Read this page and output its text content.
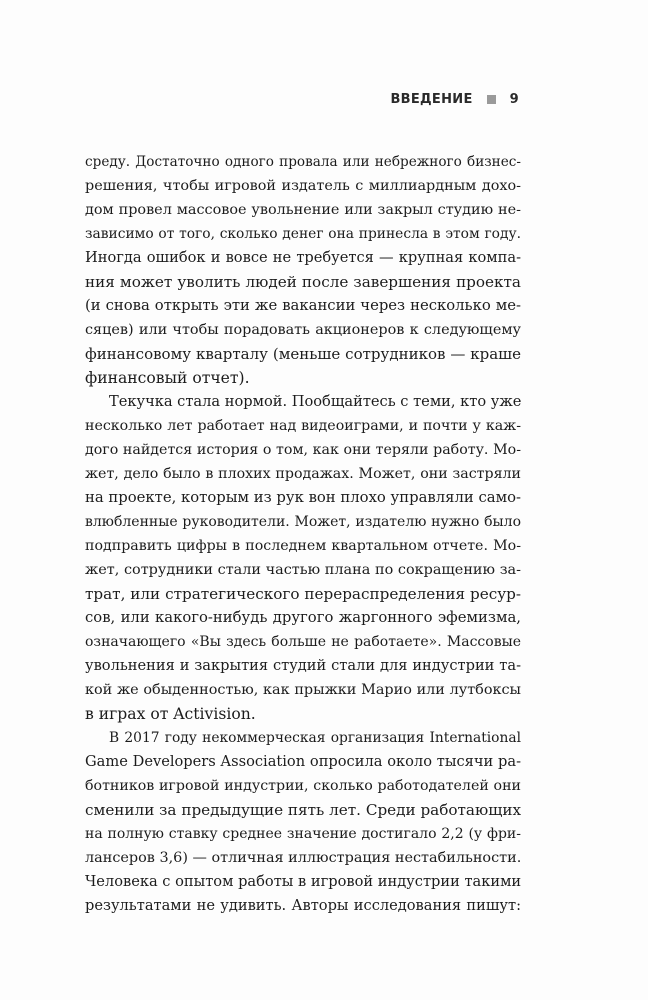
ВВЕДЕНИЕ	9
среду. Достаточно одного провала или небрежного бизнес-
решения, чтобы игровой издатель с миллиардным дохо-
дом провел массовое увольнение или закрыл студию не-
зависимо от того, сколько денег она принесла в этом году.
Иногда ошибок и вовсе не требуется — крупная компа-
ния может уволить людей после завершения проекта
(и снова открыть эти же вакансии через несколько ме-
сяцев) или чтобы порадовать акционеров к следующему
финансовому кварталу (меньше сотрудников — краше
финансовый отчет).
Текучка стала нормой. Пообщайтесь с теми, кто уже
несколько лет работает над видеоиграми, и почти у каж-
дого найдется история о том, как они теряли работу. Мо-
жет, дело было в плохих продажах. Может, они застряли
на проекте, которым из рук вон плохо управляли само-
влюбленные руководители. Может, издателю нужно было
подправить цифры в последнем квартальном отчете. Мо-
жет, сотрудники стали частью плана по сокращению за-
трат, или стратегического перераспределения ресур-
сов, или какого-нибудь другого жаргонного эфемизма,
означающего «Вы здесь больше не работаете». Массовые
увольнения и закрытия студий стали для индустрии та-
кой же обыденностью, как прыжки Марио или лутбоксы
в играх от Activision.
В 2017 году некоммерческая организация International
Game Developers Association опросила около тысячи ра-
ботников игровой индустрии, сколько работодателей они
сменили за предыдущие пять лет. Среди работающих
на полную ставку среднее значение достигало 2,2 (у фри-
лансеров 3,6) — отличная иллюстрация нестабильности.
Человека с опытом работы в игровой индустрии такими
результатами не удивить. Авторы исследования пишут:
